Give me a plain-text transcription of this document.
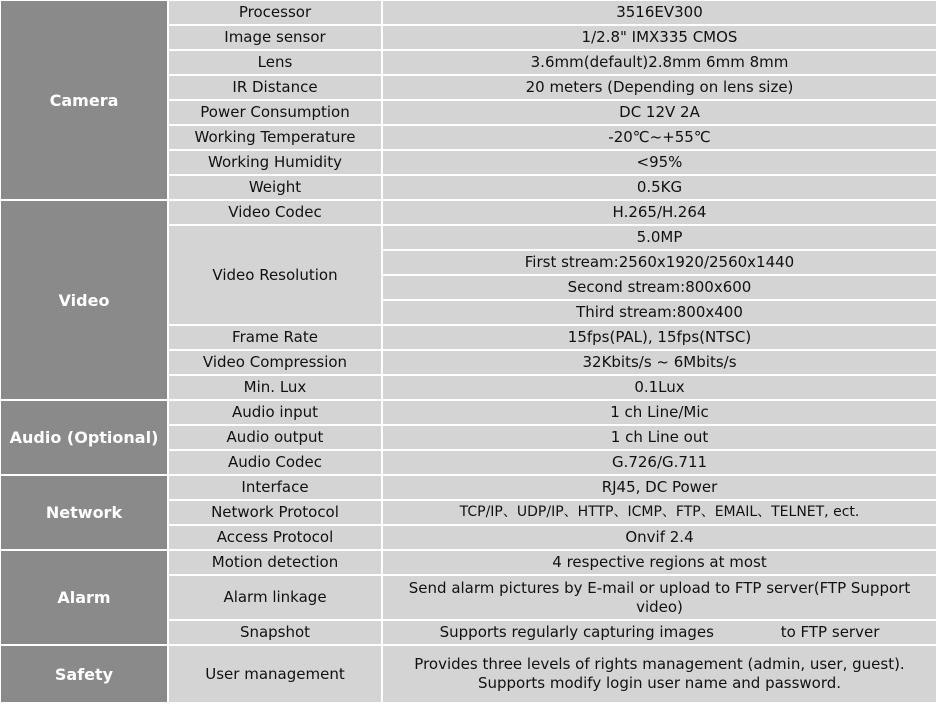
Camera	Processor	3516EV300
	Image sensor	1/2.8" IMX335 CMOS
	Lens	3.6mm(default)2.8mm 6mm 8mm
	IR Distance	20 meters (Depending on lens size)
	Power Consumption	DC 12V 2A
	Working Temperature	-20℃~+55℃
	Working Humidity	<95%
	Weight	0.5KG
Video	Video Codec	H.265/H.264
	Video Resolution	5.0MP
		First stream:2560x1920/2560x1440
		Second stream:800x600
		Third stream:800x400
	Frame Rate	15fps(PAL), 15fps(NTSC)
	Video Compression	32Kbits/s ~ 6Mbits/s
	Min. Lux	0.1Lux
Audio (Optional)	Audio input	1 ch Line/Mic
	Audio output	1 ch Line out
	Audio Codec	G.726/G.711
Network	Interface	RJ45, DC Power
	Network Protocol	TCP/IP、UDP/IP、HTTP、ICMP、FTP、EMAIL、TELNET, ect.
	Access Protocol	Onvif 2.4
Alarm	Motion detection	4 respective regions at most
	Alarm linkage	Send alarm pictures by E-mail or upload to FTP server(FTP Support video)
	Snapshot	Supports regularly capturing images              to FTP server
Safety	User management	Provides three levels of rights management (admin, user, guest). Supports modify login user name and password.
